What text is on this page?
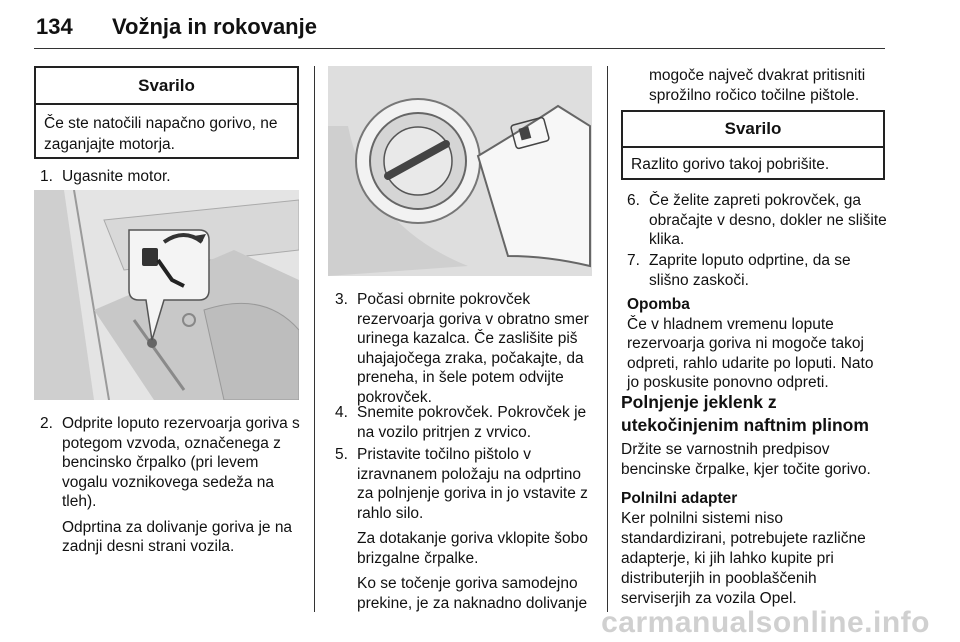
134 Vožnja in rokovanje
Svarilo
Če ste natočili napačno gorivo, ne zaganjajte motorja.
1. Ugasnite motor.
2. Odprite loputo rezervoarja goriva s potegom vzvoda, označenega z bencinsko črpalko (pri levem vogalu voznikovega sedeža na tleh).
Odprtina za dolivanje goriva je na zadnji desni strani vozila.
3. Počasi obrnite pokrovček rezervoarja goriva v obratno smer urinega kazalca. Če zaslišite piš uhajajočega zraka, počakajte, da preneha, in šele potem odvijte pokrovček.
4. Snemite pokrovček. Pokrovček je na vozilo pritrjen z vrvico.
5. Pristavite točilno pištolo v izravnanem položaju na odprtino za polnjenje goriva in jo vstavite z rahlo silo.
Za dotakanje goriva vklopite šobo brizgalne črpalke.
Ko se točenje goriva samodejno prekine, je za naknadno dolivanje
mogoče največ dvakrat pritisniti sprožilno ročico točilne pištole.
Svarilo
Razlito gorivo takoj pobrišite.
6. Če želite zapreti pokrovček, ga obračajte v desno, dokler ne slišite klika.
7. Zaprite loputo odprtine, da se slišno zaskoči.
Opomba
Če v hladnem vremenu lopute rezervoarja goriva ni mogoče takoj odpreti, rahlo udarite po loputi. Nato jo poskusite ponovno odpreti.
Polnjenje jeklenk z utekočinjenim naftnim plinom
Držite se varnostnih predpisov bencinske črpalke, kjer točite gorivo.
Polnilni adapter
Ker polnilni sistemi niso standardizirani, potrebujete različne adapterje, ki jih lahko kupite pri distributerjih in pooblaščenih serviserjih za vozila Opel.
carmanualsonline.info
